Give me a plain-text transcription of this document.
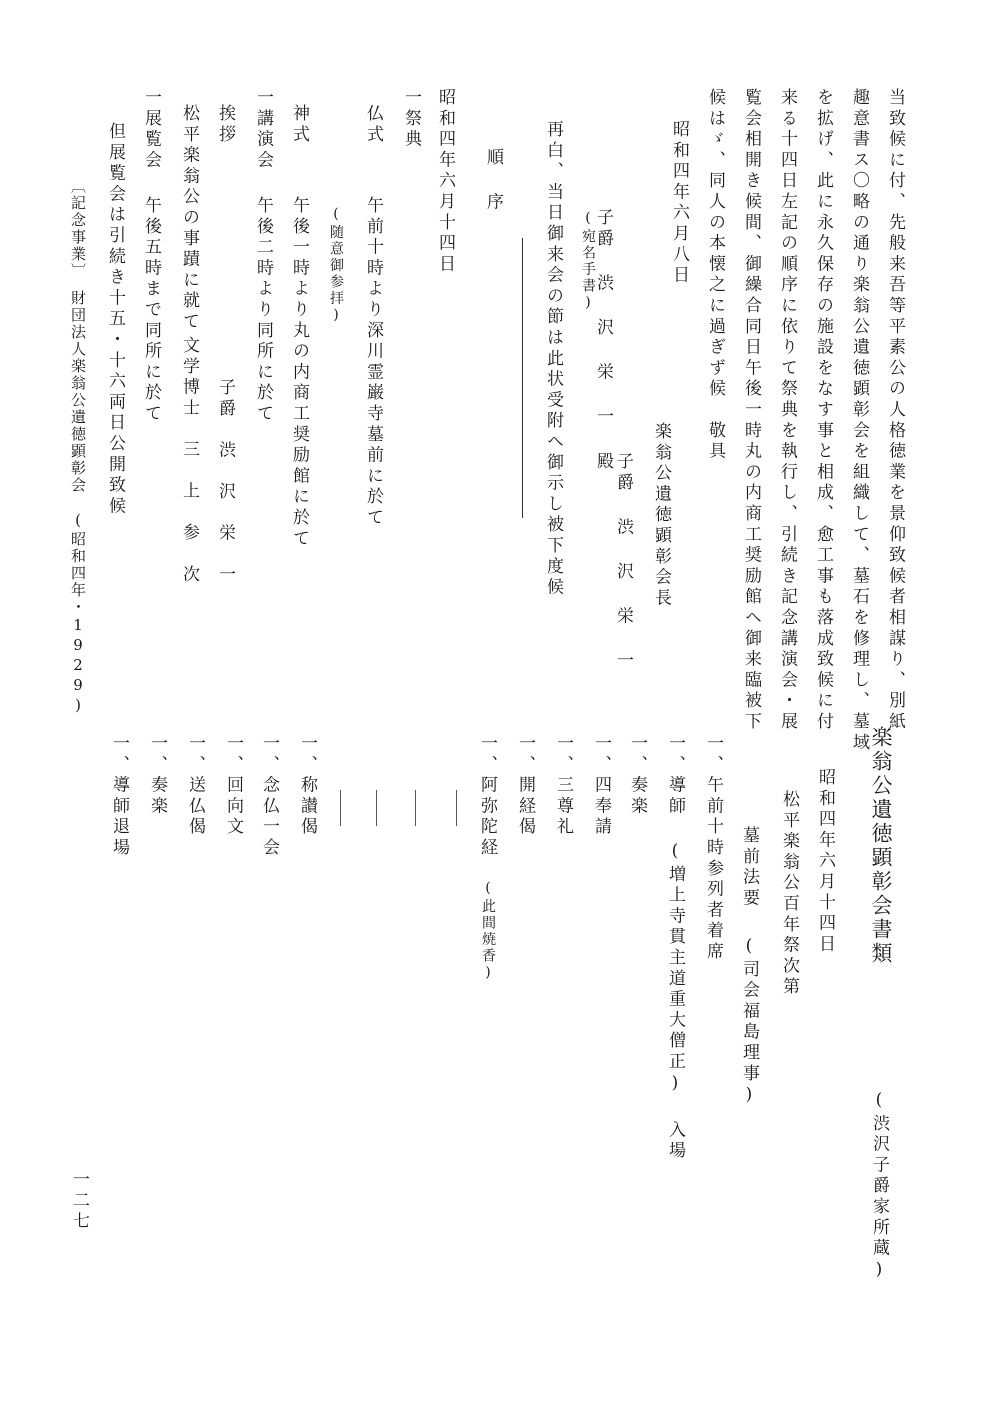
当致候に付、先般来吾等平素公の人格徳業を景仰致候者相謀り、別紙
趣意書ス〇略の通り楽翁公遺徳顕彰会を組織して、墓石を修理し、墓域
を拡げ、此に永久保存の施設をなす事と相成、愈工事も落成致候に付
来る十四日左記の順序に依りて祭典を執行し、引続き記念講演会・展
覧会相開き候間、御繰合同日午後一時丸の内商工奨励館へ御来臨被下
候はゞ、同人の本懐之に過ぎず候　敬具
昭和四年六月八日
楽翁公遺徳顕彰会長
子爵 渋 沢 栄 一
(宛名手書)
子爵 渋 沢 栄 一 殿
再白、当日御来会の節は此状受附へ御示し被下度候
順 序
昭和四年六月十四日
一祭典
仏式
午前十時より深川霊巌寺墓前に於て
(随意御参拝)
神式
午後一時より丸の内商工奨励館に於て
一講演会
午後二時より同所に於て
挨拶
子爵　渋　沢　栄　一
松平楽翁公の事蹟に就て
文学博士　三　上　参　次
一展覧会
午後五時まで同所に於て
但展覧会は引続き十五・十六両日公開致候
〔記念事業〕
財団法人楽翁公遺徳顕彰会　(昭和四年・1929)
楽翁公遺徳顕彰会書類
(渋沢子爵家所蔵)
昭和四年六月十四日
松平楽翁公百年祭次第
墓前法要
(司会福島理事)
一、午前十時参列者着席
一、導師 (増上寺貫主道重大僧正) 入場
一、奏楽
一、四奉請
一、三尊礼
一、開経偈
一、阿弥陀経
(此間焼香)
一、称讃偈
一、念仏一会
一、回向文
一、送仏偈
一、奏楽
一、導師退場
一二七
